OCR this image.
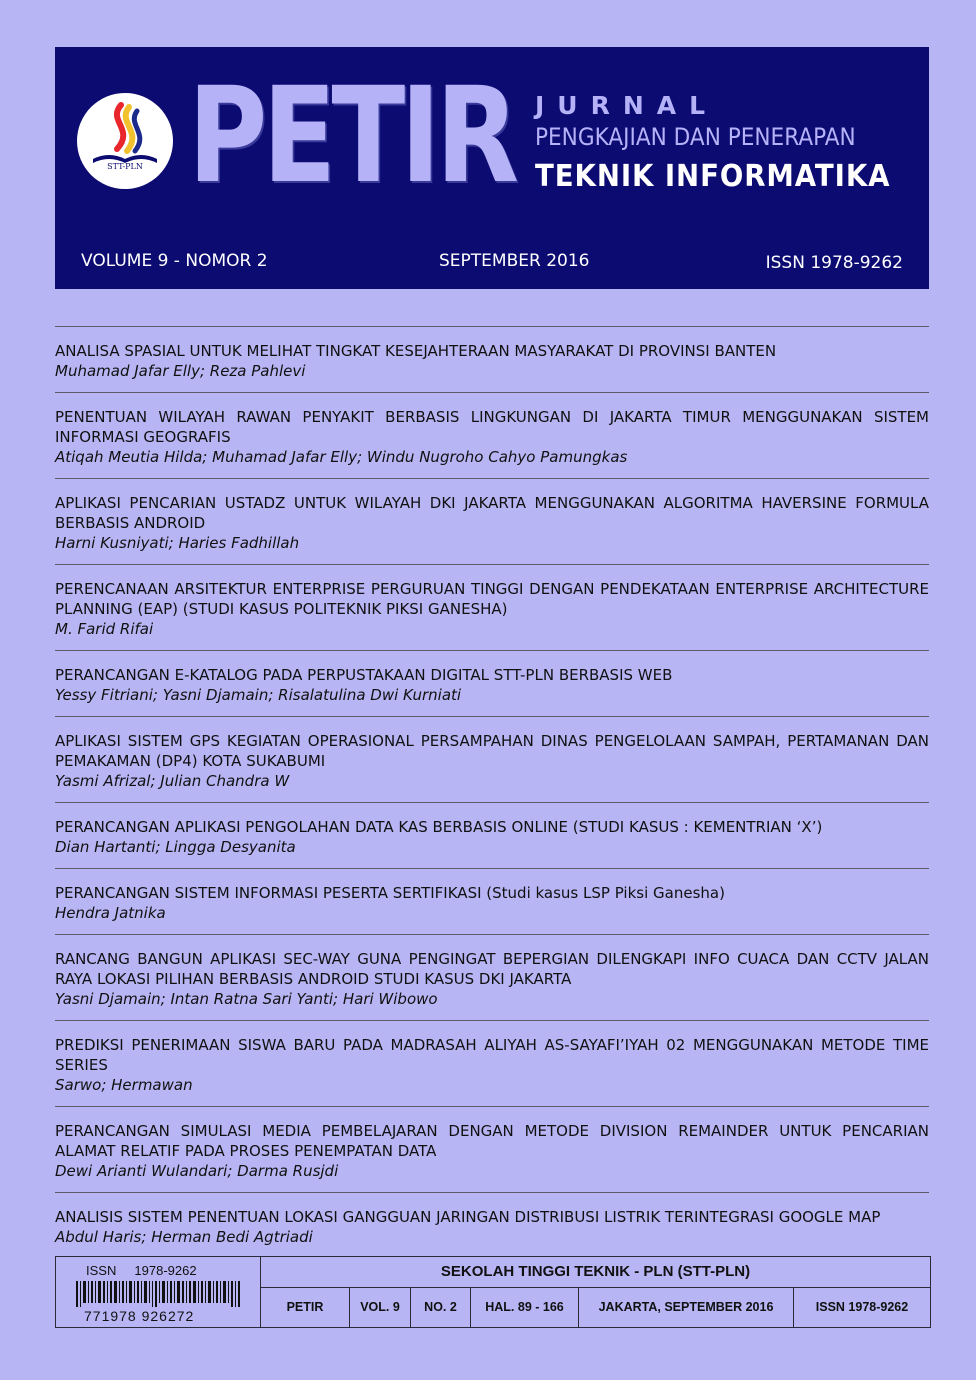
STT-PLN PETIR JURNAL
PENGKAJIAN DAN PENERAPAN
TEKNIK INFORMATIKA
VOLUME 9 - NOMOR 2	SEPTEMBER 2016	ISSN 1978-9262
ANALISA SPASIAL UNTUK MELIHAT TINGKAT KESEJAHTERAAN MASYARAKAT DI PROVINSI BANTEN
Muhamad Jafar Elly; Reza Pahlevi
PENENTUAN WILAYAH RAWAN PENYAKIT BERBASIS LINGKUNGAN DI JAKARTA TIMUR MENGGUNAKAN SISTEM INFORMASI GEOGRAFIS
Atiqah Meutia Hilda; Muhamad Jafar Elly; Windu Nugroho Cahyo Pamungkas
APLIKASI PENCARIAN USTADZ UNTUK WILAYAH DKI JAKARTA MENGGUNAKAN ALGORITMA HAVERSINE FORMULA BERBASIS ANDROID
Harni Kusniyati; Haries Fadhillah
PERENCANAAN ARSITEKTUR ENTERPRISE PERGURUAN TINGGI DENGAN PENDEKATAAN ENTERPRISE ARCHITECTURE PLANNING (EAP) (STUDI KASUS POLITEKNIK PIKSI GANESHA)
M. Farid Rifai
PERANCANGAN E-KATALOG PADA PERPUSTAKAAN DIGITAL STT-PLN BERBASIS WEB
Yessy Fitriani; Yasni Djamain; Risalatulina Dwi Kurniati
APLIKASI SISTEM GPS KEGIATAN OPERASIONAL PERSAMPAHAN DINAS PENGELOLAAN SAMPAH, PERTAMANAN DAN PEMAKAMAN (DP4) KOTA SUKABUMI
Yasmi Afrizal; Julian Chandra W
PERANCANGAN APLIKASI PENGOLAHAN DATA KAS BERBASIS ONLINE (STUDI KASUS : KEMENTRIAN ‘X’)
Dian Hartanti; Lingga Desyanita
PERANCANGAN SISTEM INFORMASI PESERTA SERTIFIKASI (Studi kasus LSP Piksi Ganesha)
Hendra Jatnika
RANCANG BANGUN APLIKASI SEC-WAY GUNA PENGINGAT BEPERGIAN DILENGKAPI INFO CUACA DAN CCTV JALAN RAYA LOKASI PILIHAN BERBASIS ANDROID STUDI KASUS DKI JAKARTA
Yasni Djamain; Intan Ratna Sari Yanti; Hari Wibowo
PREDIKSI PENERIMAAN SISWA BARU PADA MADRASAH ALIYAH AS-SAYAFI’IYAH 02 MENGGUNAKAN METODE TIME SERIES
Sarwo; Hermawan
PERANCANGAN SIMULASI MEDIA PEMBELAJARAN DENGAN METODE DIVISION REMAINDER UNTUK PENCARIAN ALAMAT RELATIF PADA PROSES PENEMPATAN DATA
Dewi Arianti Wulandari; Darma Rusjdi
ANALISIS SISTEM PENENTUAN LOKASI GANGGUAN JARINGAN DISTRIBUSI LISTRIK TERINTEGRASI GOOGLE MAP
Abdul Haris; Herman Bedi Agtriadi
ISSN 1978-9262
771978 926272
SEKOLAH TINGGI TEKNIK - PLN (STT-PLN)
PETIR	VOL. 9	NO. 2	HAL. 89 - 166	JAKARTA, SEPTEMBER 2016	ISSN 1978-9262
